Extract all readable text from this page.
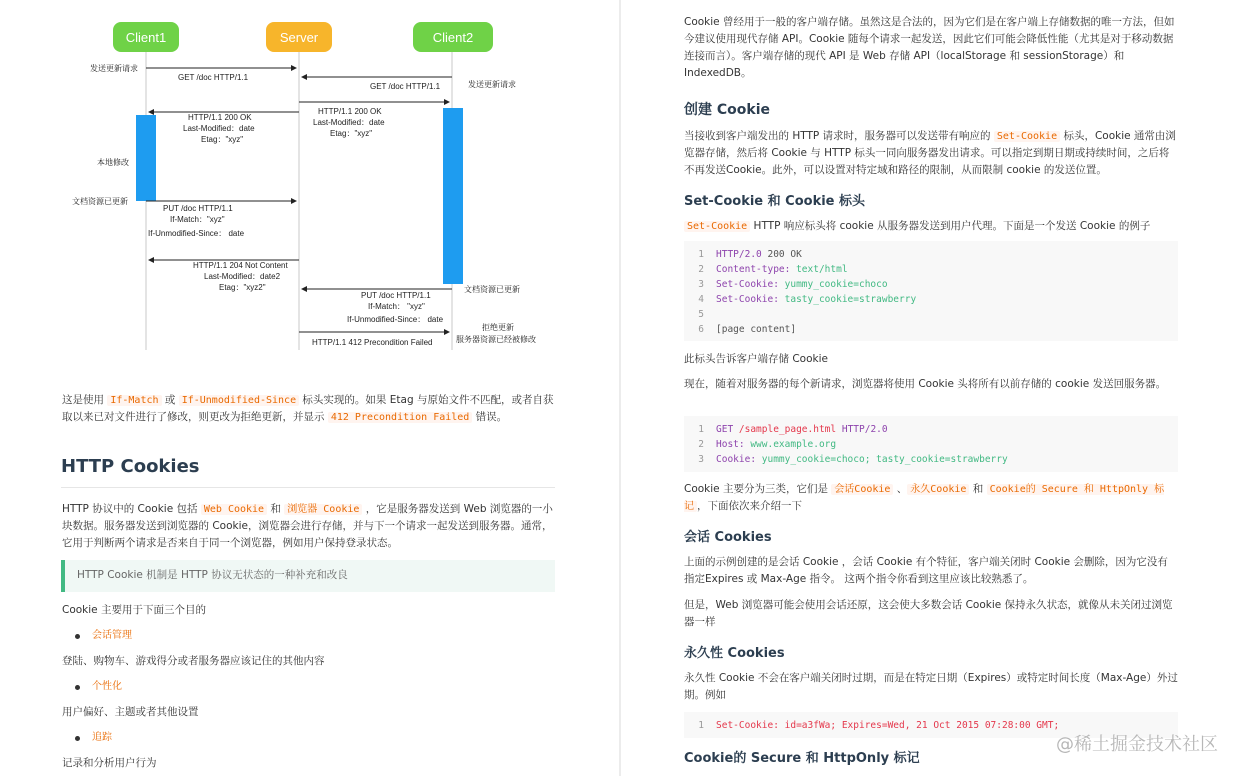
Client1	Server	Client2
发送更新请求
GET /doc HTTP/1.1
GET /doc HTTP/1.1	发送更新请求
HTTP/1.1 200 OK
Last-Modified：date
Etag："xyz"
HTTP/1.1 200 OK
Last-Modified：date
Etag："xyz"
本地修改
文档资源已更新
PUT /doc HTTP/1.1
If-Match："xyz"
If-Unmodified-Since： date
HTTP/1.1 204 Not Content
Last-Modified：date2
Etag："xyz2"	文档资源已更新
PUT /doc HTTP/1.1
If-Match： "xyz"
If-Unmodified-Since： date
拒绝更新
服务器资源已经被修改
HTTP/1.1 412 Precondition Failed

这是使用 If-Match 或 If-Unmodified-Since 标头实现的。如果 Etag 与原始文件不匹配，或者自获取以来已对文件进行了修改，则更改为拒绝更新，并显示 412 Precondition Failed 错误。

HTTP Cookies

HTTP 协议中的 Cookie 包括 Web Cookie 和 浏览器 Cookie ，它是服务器发送到 Web 浏览器的一小块数据。服务器发送到浏览器的 Cookie，浏览器会进行存储，并与下一个请求一起发送到服务器。通常，它用于判断两个请求是否来自于同一个浏览器，例如用户保持登录状态。

HTTP Cookie 机制是 HTTP 协议无状态的一种补充和改良

Cookie 主要用于下面三个目的

会话管理

登陆、购物车、游戏得分或者服务器应该记住的其他内容

个性化

用户偏好、主题或者其他设置

追踪

记录和分析用户行为

Cookie 曾经用于一般的客户端存储。虽然这是合法的，因为它们是在客户端上存储数据的唯一方法，但如今建议使用现代存储 API。Cookie 随每个请求一起发送，因此它们可能会降低性能（尤其是对于移动数据连接而言）。客户端存储的现代 API 是 Web 存储 API（localStorage 和 sessionStorage）和 IndexedDB。

创建 Cookie

当接收到客户端发出的 HTTP 请求时，服务器可以发送带有响应的 Set-Cookie 标头，Cookie 通常由浏览器存储，然后将 Cookie 与 HTTP 标头一同向服务器发出请求。可以指定到期日期或持续时间，之后将不再发送Cookie。此外，可以设置对特定域和路径的限制，从而限制 cookie 的发送位置。

Set-Cookie 和 Cookie 标头

Set-Cookie HTTP 响应标头将 cookie 从服务器发送到用户代理。下面是一个发送 Cookie 的例子

1 HTTP/2.0 200 OK
2 Content-type: text/html
3 Set-Cookie: yummy_cookie=choco
4 Set-Cookie: tasty_cookie=strawberry
5
6 [page content]

此标头告诉客户端存储 Cookie

现在，随着对服务器的每个新请求，浏览器将使用 Cookie 头将所有以前存储的 cookie 发送回服务器。

1 GET /sample_page.html HTTP/2.0
2 Host: www.example.org
3 Cookie: yummy_cookie=choco; tasty_cookie=strawberry

Cookie 主要分为三类，它们是 会话Cookie 、 永久Cookie 和 Cookie的 Secure 和 HttpOnly 标记 ，下面依次来介绍一下

会话 Cookies

上面的示例创建的是会话 Cookie ，会话 Cookie 有个特征，客户端关闭时 Cookie 会删除，因为它没有指定Expires 或 Max-Age 指令。 这两个指令你看到这里应该比较熟悉了。

但是，Web 浏览器可能会使用会话还原，这会使大多数会话 Cookie 保持永久状态，就像从未关闭过浏览器一样

永久性 Cookies

永久性 Cookie 不会在客户端关闭时过期，而是在特定日期（Expires）或特定时间长度（Max-Age）外过期。例如

1 Set-Cookie: id=a3fWa; Expires=Wed, 21 Oct 2015 07:28:00 GMT;
Cookie的 Secure 和 HttpOnly 标记
@稀土掘金技术社区
